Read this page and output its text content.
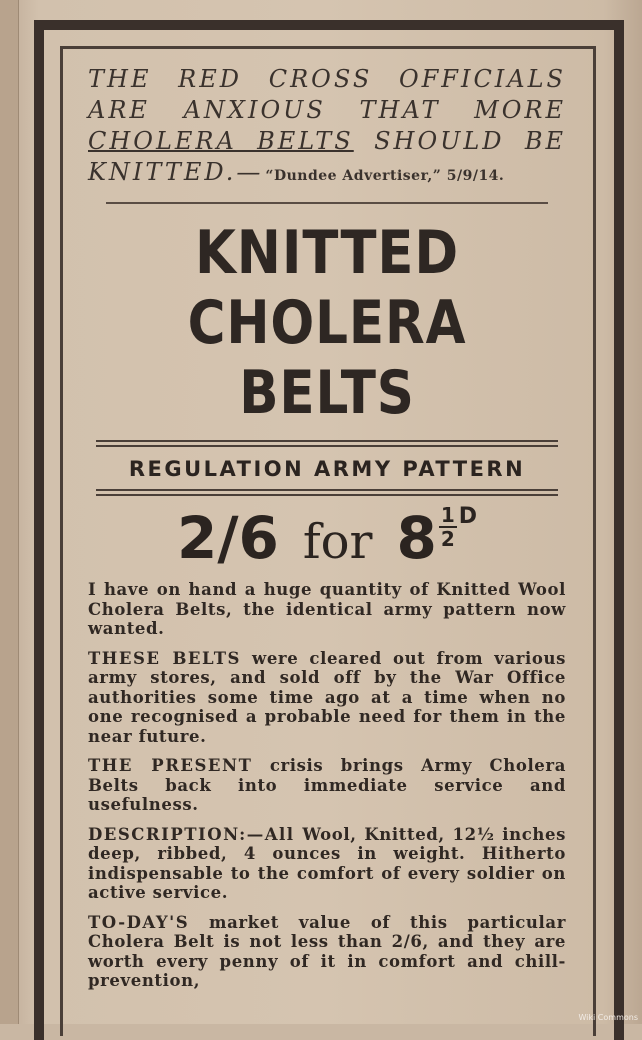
THE RED CROSS OFFICIALS
ARE ANXIOUS THAT MORE
CHOLERA BELTS SHOULD BE
KNITTED.— “Dundee Advertiser,” 5/9/14.
KNITTED
CHOLERA BELTS
REGULATION ARMY PATTERN
2/6 for $8 \frac{1}{2}D$

I have on hand a huge quantity of Knitted Wool Cholera Belts, the identical army pattern now wanted.

THESE BELTS were cleared out from various army stores, and sold off by the War Office authorities some time ago at a time when no one recognised a probable need for them in the near future.

THE PRESENT crisis brings Army Cholera Belts back into immediate service and usefulness.

DESCRIPTION:—All Wool, Knitted, 12½ inches deep, ribbed, 4 ounces in weight. Hitherto indispensable to the comfort of every soldier on active service.

TO-DAY'S market value of this particular Cholera Belt is not less than 2/6, and they are worth every penny of it in comfort and chill-prevention,

Wiki Commons
